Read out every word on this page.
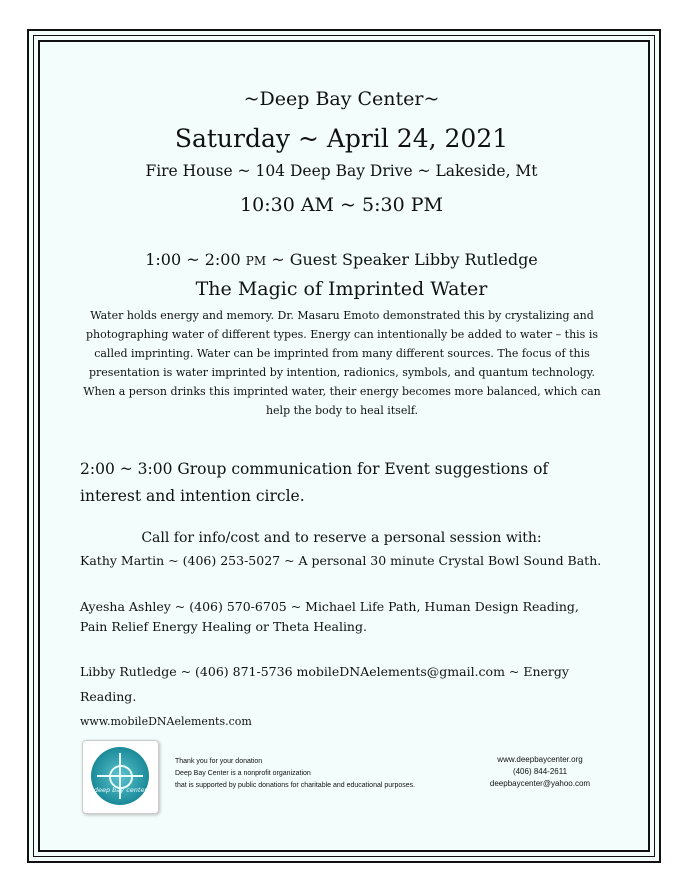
~Deep Bay Center~
Saturday ~ April 24, 2021
Fire House ~ 104 Deep Bay Drive ~ Lakeside, Mt
10:30 AM ~ 5:30 PM
1:00 ~ 2:00 PM ~ Guest Speaker Libby Rutledge
The Magic of Imprinted Water
Water holds energy and memory. Dr. Masaru Emoto demonstrated this by crystalizing and photographing water of different types. Energy can intentionally be added to water – this is called imprinting. Water can be imprinted from many different sources. The focus of this presentation is water imprinted by intention, radionics, symbols, and quantum technology. When a person drinks this imprinted water, their energy becomes more balanced, which can help the body to heal itself.
2:00 ~ 3:00 Group communication for Event suggestions of interest and intention circle.
Call for info/cost and to reserve a personal session with:
Kathy Martin ~ (406) 253-5027 ~ A personal 30 minute Crystal Bowl Sound Bath.
Ayesha Ashley ~ (406) 570-6705 ~ Michael Life Path, Human Design Reading, Pain Relief Energy Healing or Theta Healing.
Libby Rutledge ~ (406) 871-5736 mobileDNAelements@gmail.com ~ Energy Reading.
www.mobileDNAelements.com
deep bay center
Thank you for your donation
Deep Bay Center is a nonprofit organization
that is supported by public donations for charitable and educational purposes.
www.deepbaycenter.org
(406) 844-2611
deepbaycenter@yahoo.com
